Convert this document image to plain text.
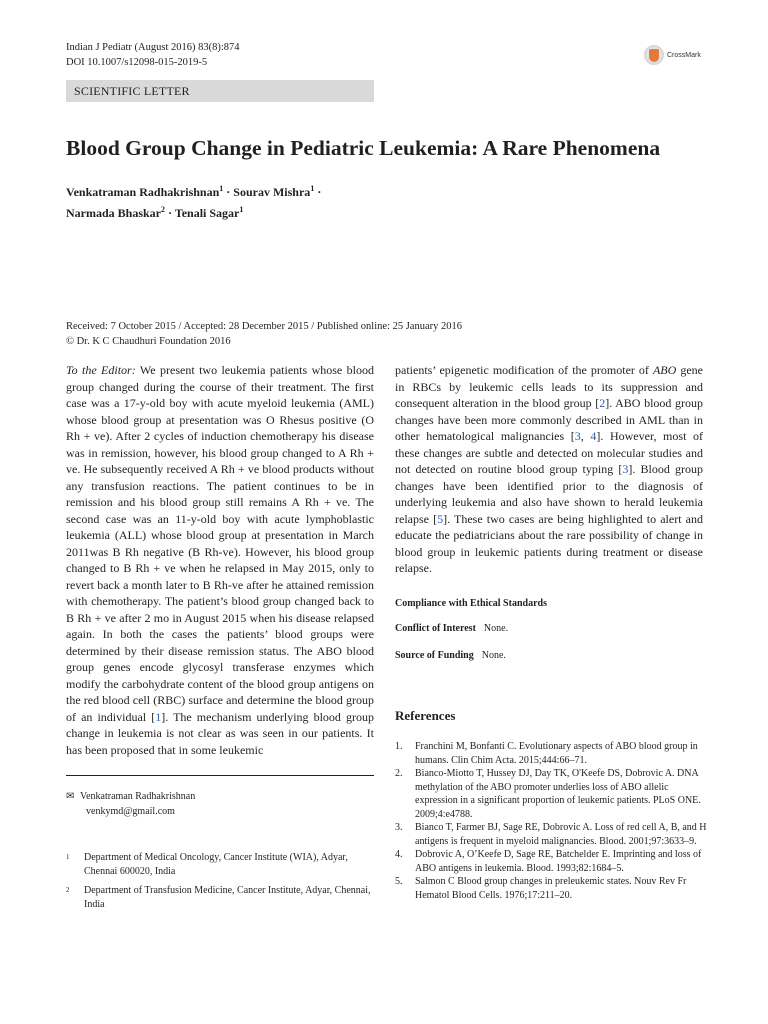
Indian J Pediatr (August 2016) 83(8):874
DOI 10.1007/s12098-015-2019-5
CrossMark
SCIENTIFIC LETTER
Blood Group Change in Pediatric Leukemia: A Rare Phenomena
Venkatraman Radhakrishnan$^1$ · Sourav Mishra$^1$ ·
Narmada Bhaskar$^2$ · Tenali Sagar$^1$
Received: 7 October 2015 / Accepted: 28 December 2015 / Published online: 25 January 2016
© Dr. K C Chaudhuri Foundation 2016

To the Editor: We present two leukemia patients whose blood group changed during the course of their treatment. The first case was a 17-y-old boy with acute myeloid leukemia (AML) whose blood group at presentation was O Rhesus positive (O Rh + ve). After 2 cycles of induction chemotherapy his disease was in remission, however, his blood group changed to A Rh + ve. He subsequently received A Rh + ve blood products without any transfusion reactions. The patient continues to be in remission and his blood group still remains A Rh + ve. The second case was an 11-y-old boy with acute lymphoblastic leukemia (ALL) whose blood group at presentation in March 2011was B Rh negative (B Rh-ve). However, his blood group changed to B Rh + ve when he relapsed in May 2015, only to revert back a month later to B Rh-ve after he attained remission with chemotherapy. The patient’s blood group changed back to B Rh + ve after 2 mo in August 2015 when his disease relapsed again. In both the cases the patients’ blood groups were determined by their disease remission status. The ABO blood group genes encode glycosyl transferase enzymes which modify the carbohydrate content of the blood group antigens on the red blood cell (RBC) surface and determine the blood group of an individual [1]. The mechanism underlying blood group change in leukemia is not clear as was seen in our patients. It has been proposed that in some leukemic

✉ Venkatraman Radhakrishnan
venkymd@gmail.com
1 Department of Medical Oncology, Cancer Institute (WIA), Adyar, Chennai 600020, India
2 Department of Transfusion Medicine, Cancer Institute, Adyar, Chennai, India

patients’ epigenetic modification of the promoter of ABO gene in RBCs by leukemic cells leads to its suppression and consequent alteration in the blood group [2]. ABO blood group changes have been more commonly described in AML than in other hematological malignancies [3, 4]. However, most of these changes are subtle and detected on molecular studies and not detected on routine blood group typing [3]. Blood group changes have been identified prior to the diagnosis of underlying leukemia and also have shown to herald leukemia relapse [5]. These two cases are being highlighted to alert and educate the pediatricians about the rare possibility of change in blood group in leukemic patients during treatment or disease relapse.

Compliance with Ethical Standards
Conflict of Interest None.
Source of Funding None.
References
1. Franchini M, Bonfanti C. Evolutionary aspects of ABO blood group in humans. Clin Chim Acta. 2015;444:66–71.
2. Bianco-Miotto T, Hussey DJ, Day TK, O'Keefe DS, Dobrovic A. DNA methylation of the ABO promoter underlies loss of ABO allelic expression in a significant proportion of leukemic patients. PLoS ONE. 2009;4:e4788.
3. Bianco T, Farmer BJ, Sage RE, Dobrovic A. Loss of red cell A, B, and H antigens is frequent in myeloid malignancies. Blood. 2001;97:3633–9.
4. Dobrovic A, O’Keefe D, Sage RE, Batchelder E. Imprinting and loss of ABO antigens in leukemia. Blood. 1993;82:1684–5.
5. Salmon C Blood group changes in preleukemic states. Nouv Rev Fr Hematol Blood Cells. 1976;17:211–20.
